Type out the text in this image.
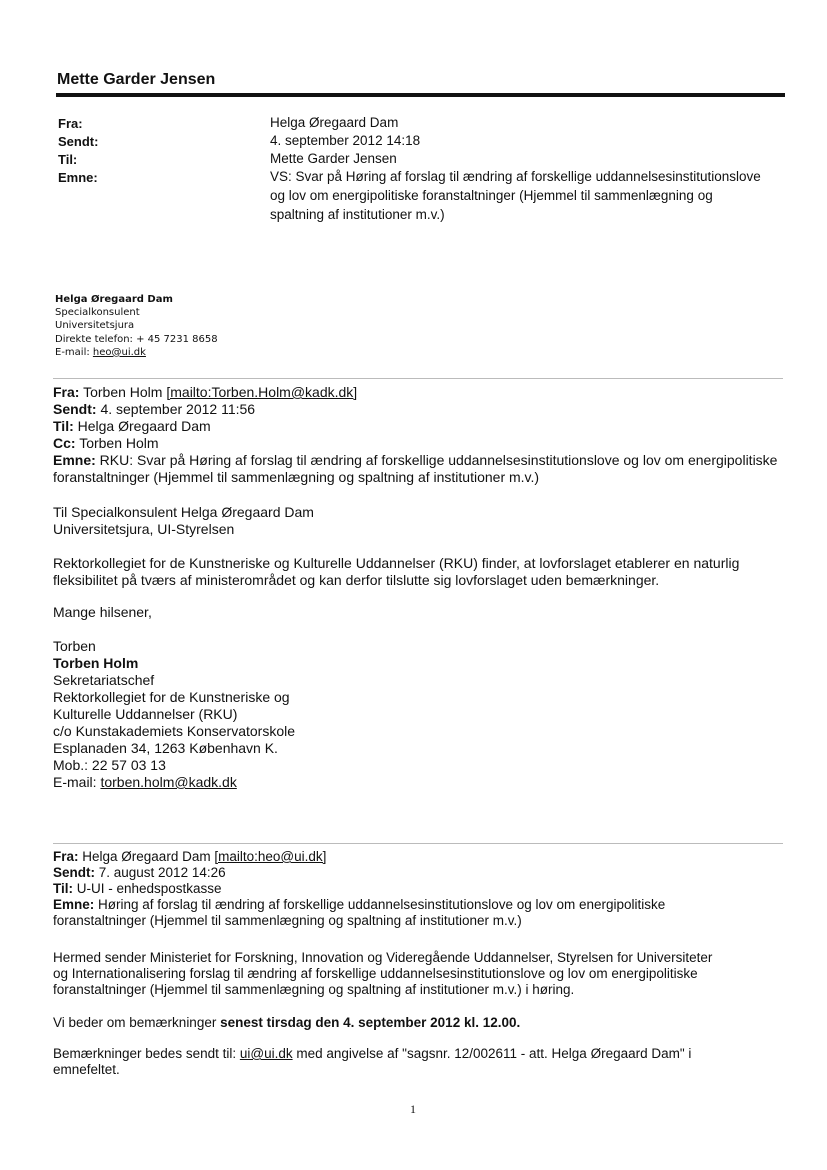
Mette Garder Jensen
Fra:
Sendt:
Til:
Emne:
Helga Øregaard Dam
4. september 2012 14:18
Mette Garder Jensen
VS: Svar på Høring af forslag til ændring af forskellige uddannelsesinstitutionslove
og lov om energipolitiske foranstaltninger (Hjemmel til sammenlægning og
spaltning af institutioner m.v.)
Helga Øregaard Dam
Specialkonsulent
Universitetsjura
Direkte telefon: + 45 7231 8658
E-mail: heo@ui.dk
Fra: Torben Holm [mailto:Torben.Holm@kadk.dk]
Sendt: 4. september 2012 11:56
Til: Helga Øregaard Dam
Cc: Torben Holm
Emne: RKU: Svar på Høring af forslag til ændring af forskellige uddannelsesinstitutionslove og lov om energipolitiske
foranstaltninger (Hjemmel til sammenlægning og spaltning af institutioner m.v.)
Til Specialkonsulent Helga Øregaard Dam
Universitetsjura, UI-Styrelsen
Rektorkollegiet for de Kunstneriske og Kulturelle Uddannelser (RKU) finder, at lovforslaget etablerer en naturlig
fleksibilitet på tværs af ministerområdet og kan derfor tilslutte sig lovforslaget uden bemærkninger.
Mange hilsener,
Torben
Torben Holm
Sekretariatschef
Rektorkollegiet for de Kunstneriske og
Kulturelle Uddannelser (RKU)
c/o Kunstakademiets Konservatorskole
Esplanaden 34, 1263 København K.
Mob.: 22 57 03 13
E-mail: torben.holm@kadk.dk
Fra: Helga Øregaard Dam [mailto:heo@ui.dk]
Sendt: 7. august 2012 14:26
Til: U-UI - enhedspostkasse
Emne: Høring af forslag til ændring af forskellige uddannelsesinstitutionslove og lov om energipolitiske
foranstaltninger (Hjemmel til sammenlægning og spaltning af institutioner m.v.)
Hermed sender Ministeriet for Forskning, Innovation og Videregående Uddannelser, Styrelsen for Universiteter
og Internationalisering forslag til ændring af forskellige uddannelsesinstitutionslove og lov om energipolitiske
foranstaltninger (Hjemmel til sammenlægning og spaltning af institutioner m.v.) i høring.
Vi beder om bemærkninger senest tirsdag den 4. september 2012 kl. 12.00.
Bemærkninger bedes sendt til: ui@ui.dk med angivelse af "sagsnr. 12/002611 - att. Helga Øregaard Dam" i
emnefeltet.
1
